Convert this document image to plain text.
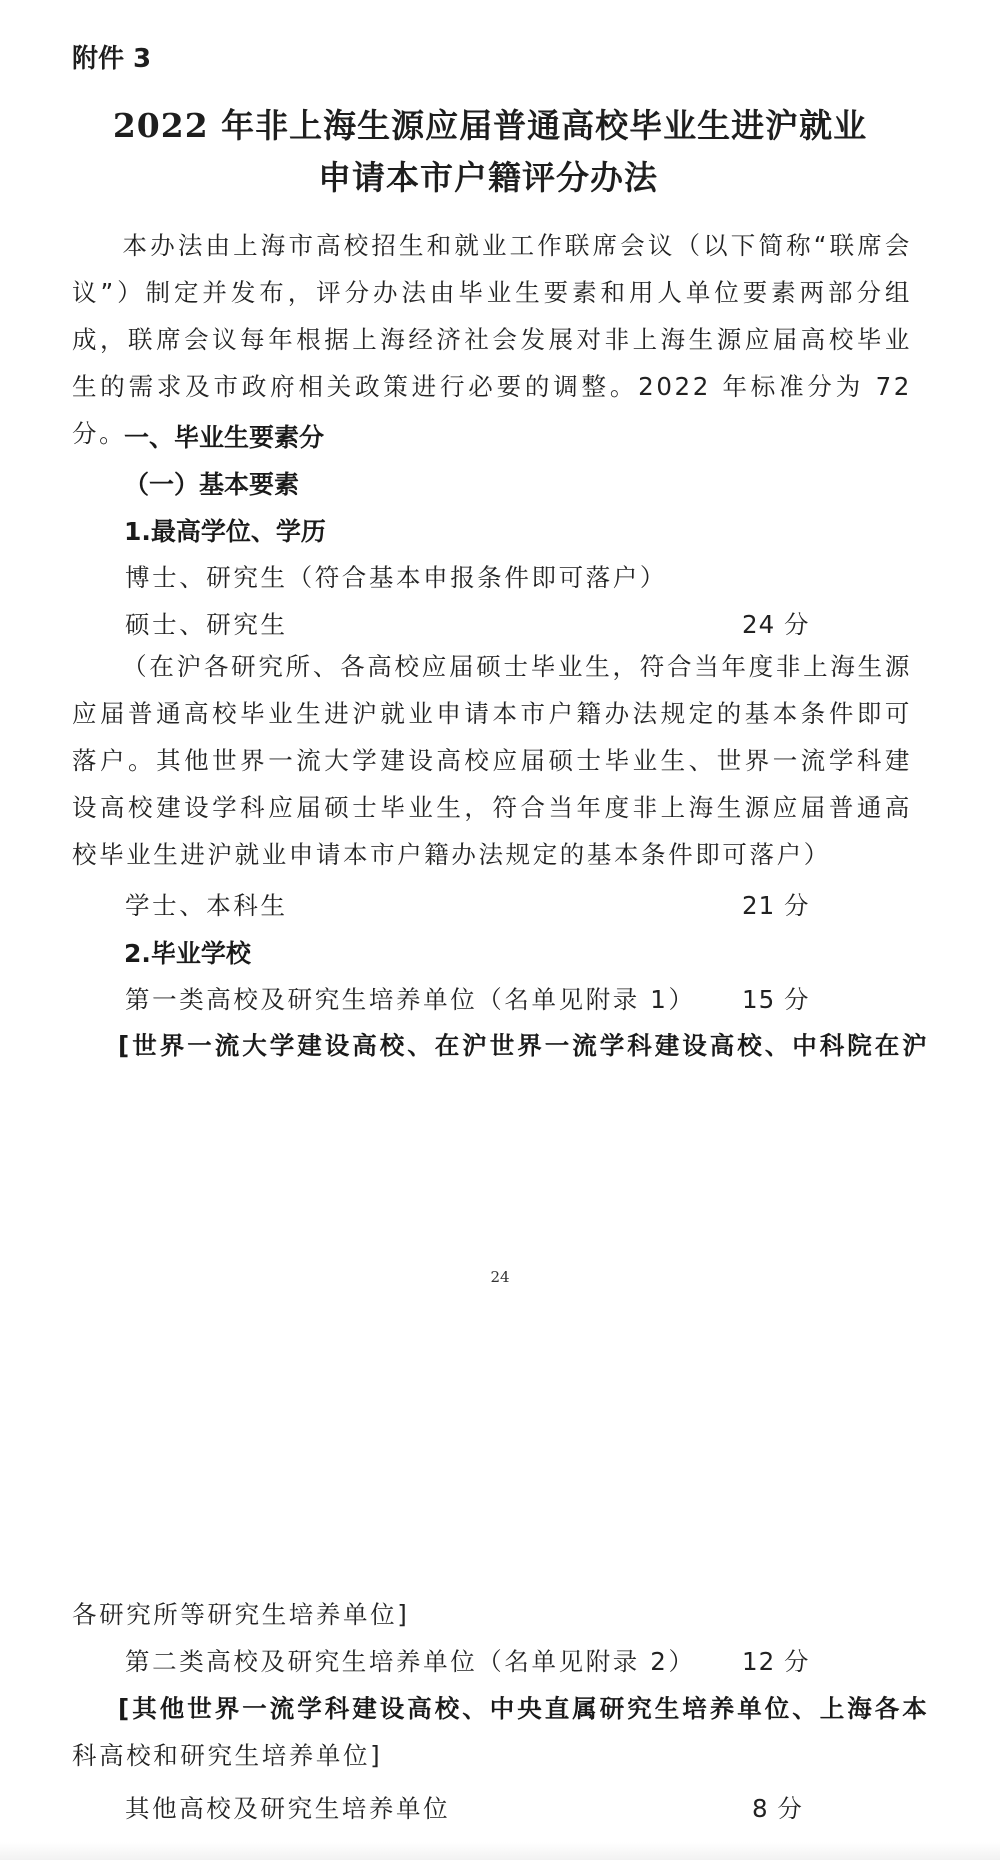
附件 3
2022 年非上海生源应届普通高校毕业生进沪就业
申请本市户籍评分办法
本办法由上海市高校招生和就业工作联席会议（以下简称“联席会议”）制定并发布，评分办法由毕业生要素和用人单位要素两部分组成，联席会议每年根据上海经济社会发展对非上海生源应届高校毕业生的需求及市政府相关政策进行必要的调整。2022 年标准分为 72 分。
一、毕业生要素分
（一）基本要素
1.最高学位、学历
博士、研究生（符合基本申报条件即可落户）
硕士、研究生	24 分
（在沪各研究所、各高校应届硕士毕业生，符合当年度非上海生源应届普通高校毕业生进沪就业申请本市户籍办法规定的基本条件即可落户。其他世界一流大学建设高校应届硕士毕业生、世界一流学科建设高校建设学科应届硕士毕业生，符合当年度非上海生源应届普通高校毕业生进沪就业申请本市户籍办法规定的基本条件即可落户）
学士、本科生	21 分
2.毕业学校
第一类高校及研究生培养单位（名单见附录 1） 15 分
[世界一流大学建设高校、在沪世界一流学科建设高校、中科院在沪
24
各研究所等研究生培养单位]
第二类高校及研究生培养单位（名单见附录 2） 12 分
[其他世界一流学科建设高校、中央直属研究生培养单位、上海各本
科高校和研究生培养单位]
其他高校及研究生培养单位	8 分
